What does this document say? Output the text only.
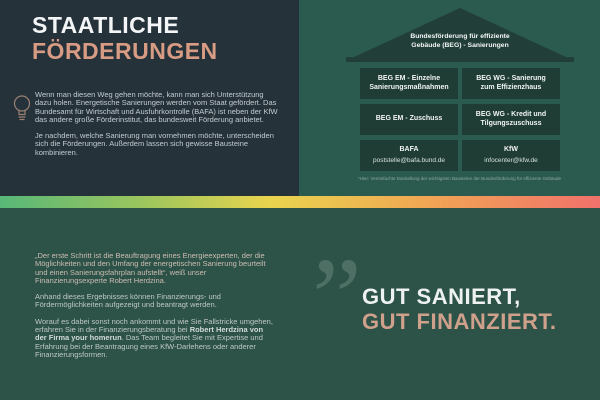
STAATLICHE
FÖRDERUNGEN

Wenn man diesen Weg gehen möchte, kann man sich Unterstützung dazu holen. Energetische Sanierungen werden vom Staat gefördert. Das Bundesamt für Wirtschaft und Ausfuhrkontrolle (BAFA) ist neben der KfW das andere große Förderinstitut, das bundesweit Förderung anbietet.

Je nachdem, welche Sanierung man vornehmen möchte, unterscheiden sich die Förderungen. Außerdem lassen sich gewisse Bausteine kombinieren.

Bundesförderung für effiziente Gebäude (BEG) - Sanierungen
BEG EM - Einzelne Sanierungsmaßnahmen
BEG WG - Sanierung zum Effizienzhaus
BEG EM - Zuschuss
BEG WG - Kredit und Tilgungszuschuss
BAFA
poststelle@bafa.bund.de
KfW
infocenter@kfw.de
*Hier: Vereinfachte Darstellung der wichtigsten Bausteine der Bundesförderung für effiziente Gebäude

„Der erste Schritt ist die Beauftragung eines Energieexperten, der die Möglichkeiten und den Umfang der energetischen Sanierung beurteilt und einen Sanierungsfahrplan aufstellt“, weiß unser Finanzierungsexperte Robert Herdzina.

Anhand dieses Ergebnisses können Finanzierungs- und Fördermöglichkeiten aufgezeigt und beantragt werden.

Worauf es dabei sonst noch ankommt und wie Sie Fallstricke umgehen, erfahren Sie in der Finanzierungsberatung bei Robert Herdzina von der Firma your homerun. Das Team begleitet Sie mit Expertise und Erfahrung bei der Beantragung eines KfW-Darlehens oder anderer Finanzierungsformen.	” GUT SANIERT,
GUT FINANZIERT.
